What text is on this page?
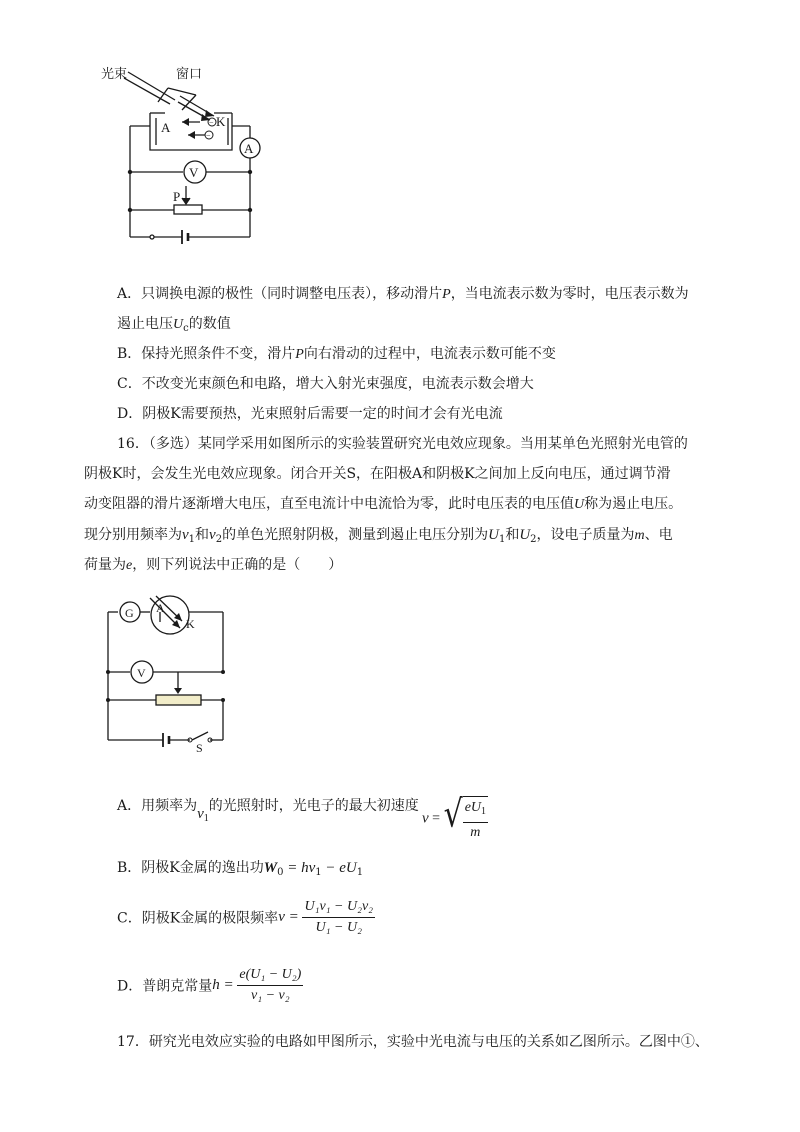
−
−
光束	窗口
A	K
A
V
P
A．只调换电源的极性（同时调整电压表），移动滑片P，当电流表示数为零时，电压表示数为
遏止电压$U_c$的数值
B．保持光照条件不变，滑片P向右滑动的过程中，电流表示数可能不变
C．不改变光束颜色和电路，增大入射光束强度，电流表示数会增大
D．阴极K需要预热，光束照射后需要一定的时间才会有光电流
16．（多选）某同学采用如图所示的实验装置研究光电效应现象。当用某单色光照射光电管的
阴极K时，会发生光电效应现象。闭合开关S，在阳极A和阴极K之间加上反向电压，通过调节滑
动变阻器的滑片逐渐增大电压，直至电流计中电流恰为零，此时电压表的电压值U称为遏止电压。
现分别用频率为$v_1$和$v_2$的单色光照射阴极，测量到遏止电压分别为$U_1$和$U_2$，设电子质量为m、电
荷量为e，则下列说法中正确的是（　　）
G
V
A
K
S
A．用频率为$v_1$的光照射时，光电子的最大初速度
v = √ $\frac{eU_1}{m}$
B．阴极K金属的逸出功$W_0 = hv_1 - eU_1$
C．阴极K金属的极限频率$v = \frac{\text{U₁v₁ − U₂v₂}}{\text{U₁ − U₂}}$
D．普朗克常量$h = \frac{\text{e(U₁ − U₂)}}{\text{v₁ − v₂}}$
17．研究光电效应实验的电路如甲图所示，实验中光电流与电压的关系如乙图所示。乙图中①、
